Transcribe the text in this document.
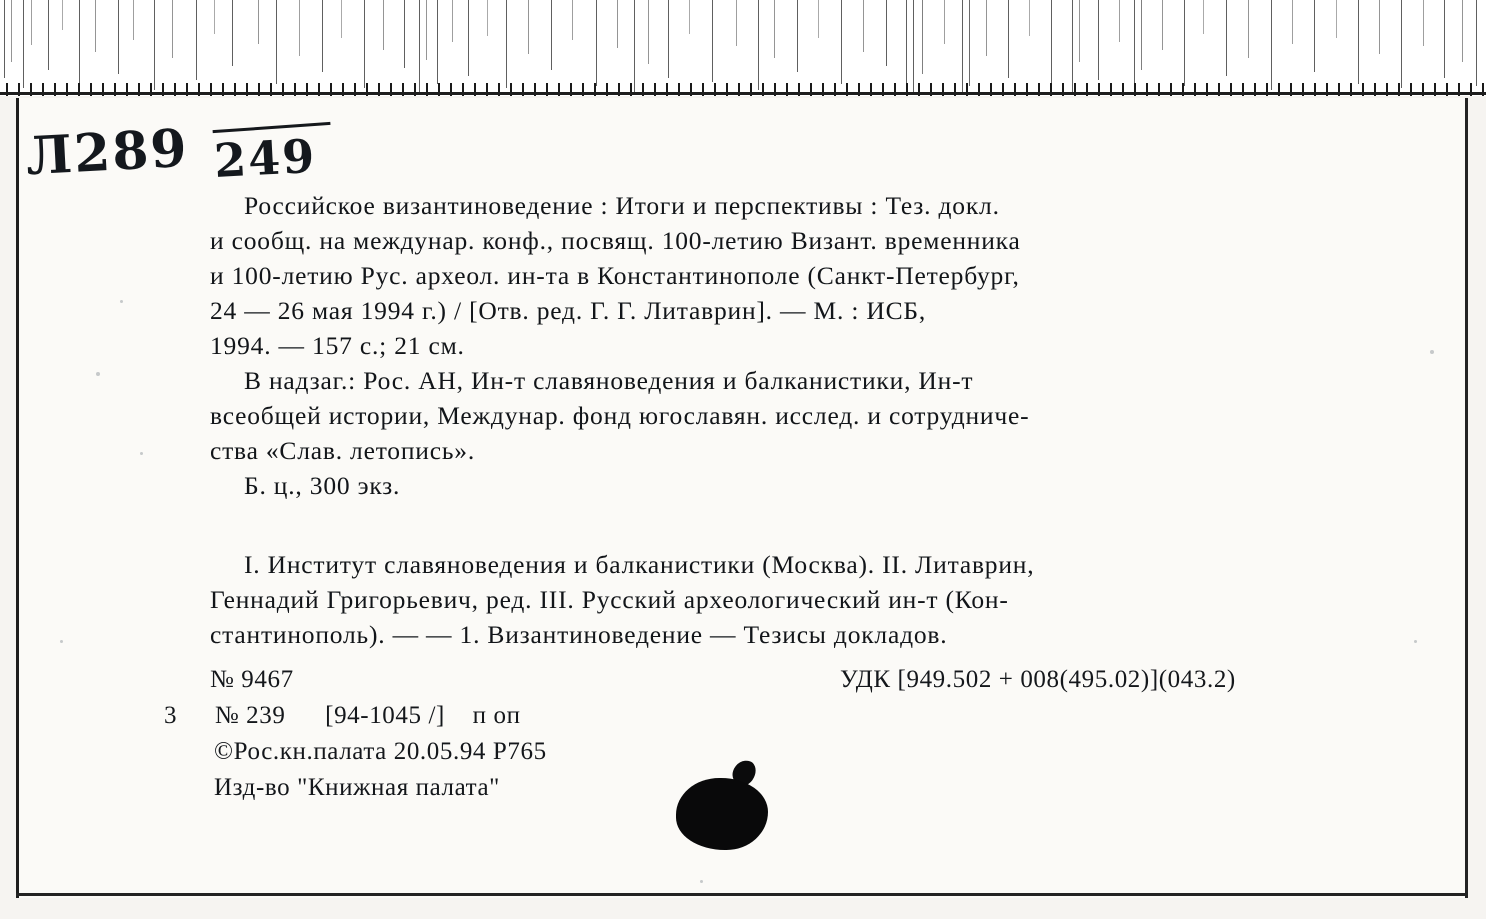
Л289 249
Российское византиноведение : Итоги и перспективы : Тез. докл.
и сообщ. на междунар. конф., посвящ. 100-летию Визант. временника
и 100-летию Рус. археол. ин-та в Константинополе (Санкт-Петербург,
24 — 26 мая 1994 г.) / [Отв. ред. Г. Г. Литаврин]. — М. : ИСБ,
1994. — 157 с.; 21 см.
В надзаг.: Рос. АН, Ин-т славяноведения и балканистики, Ин-т
всеобщей истории, Междунар. фонд югославян. исслед. и сотрудниче-
ства «Слав. летопись».
Б. ц., 300 экз.
I. Институт славяноведения и балканистики (Москва). II. Литаврин,
Геннадий Григорьевич, ред. III. Русский археологический ин-т (Кон-
стантинополь). — — 1. Византиноведение — Тезисы докладов.
№ 9467	УДК [949.502 + 008(495.02)](043.2)
3 № 239 [94-1045 /] п оп
©Рос.кн.палата 20.05.94 Р765
Изд-во "Книжная палата"
